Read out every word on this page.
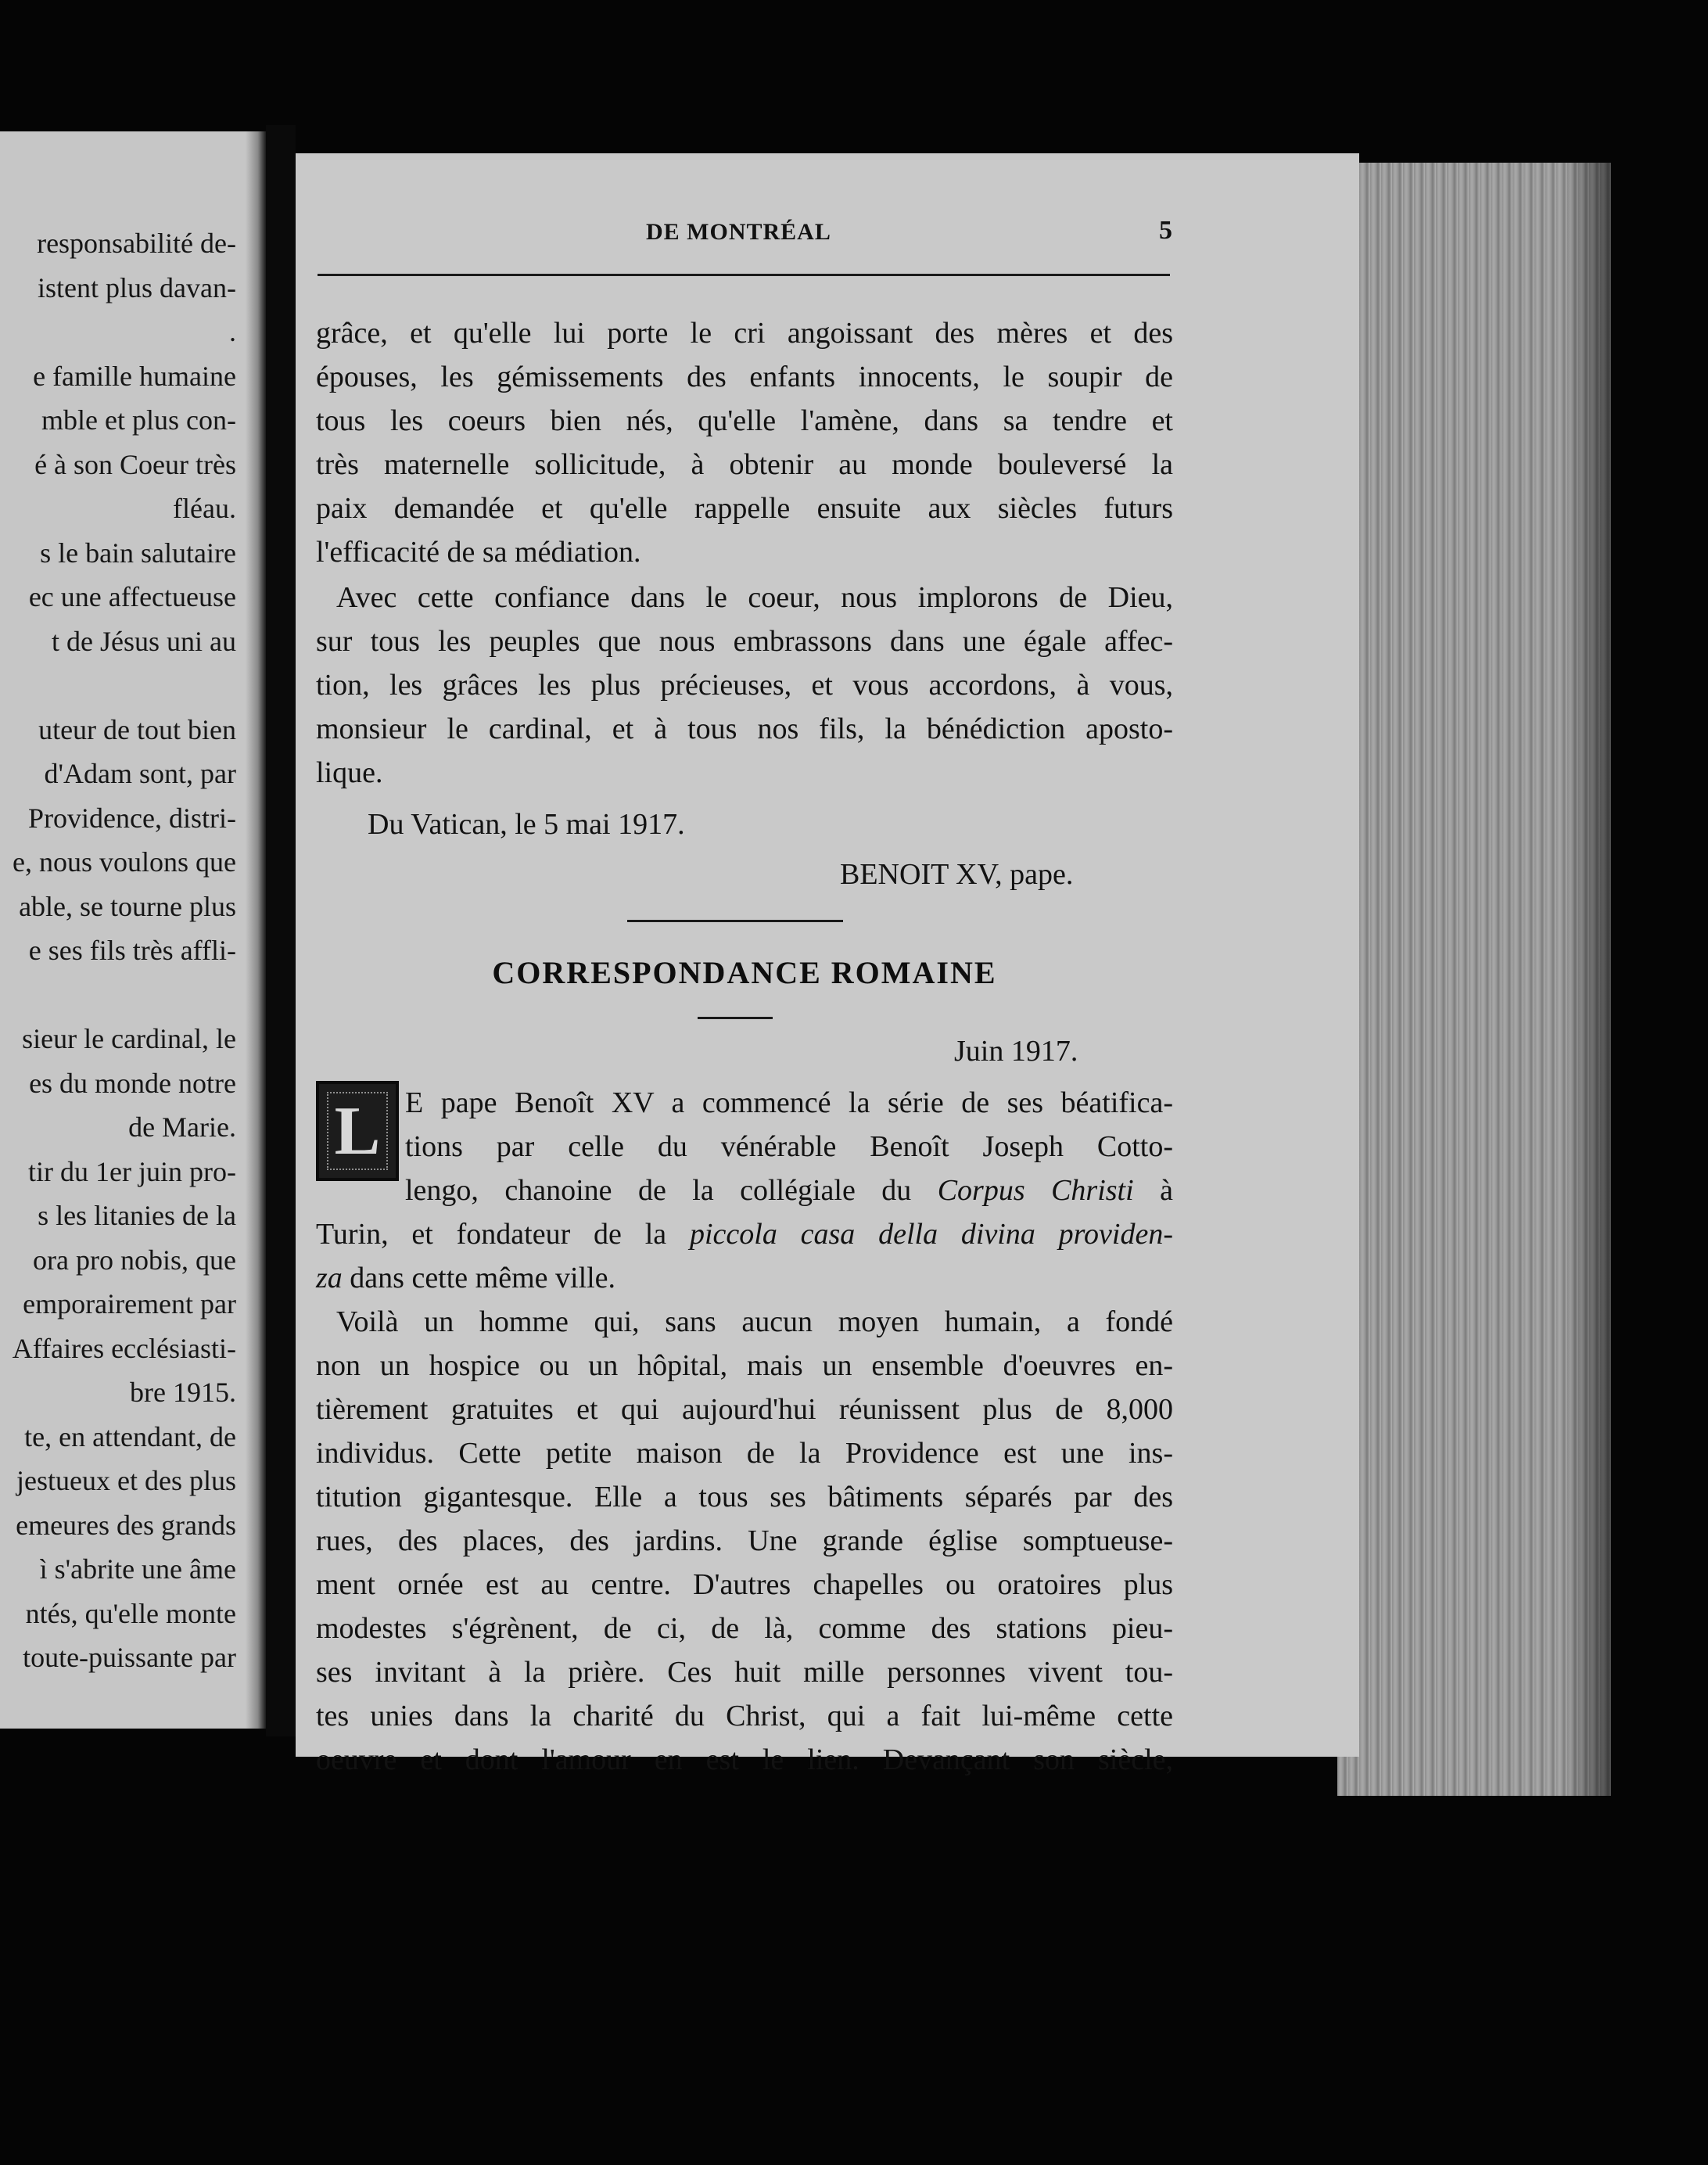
responsabilité de-
istent plus davan-
.
e famille humaine
mble et plus con-
é à son Coeur très
fléau.
s le bain salutaire
ec une affectueuse
t de Jésus uni au
uteur de tout bien
d'Adam sont, par
Providence, distri-
e, nous voulons que
able, se tourne plus
e ses fils très affli-
sieur le cardinal, le
es du monde notre
de Marie.
tir du 1er juin pro-
s les litanies de la
ora pro nobis, que
emporairement par
Affaires ecclésiasti-
bre 1915.
te, en attendant, de
jestueux et des plus
emeures des grands
ì s'abrite une âme
ntés, qu'elle monte
toute-puissante par
DE MONTRÉAL	5
grâce, et qu'elle lui porte le cri angoissant des mères et des
épouses, les gémissements des enfants innocents, le soupir de
tous les coeurs bien nés, qu'elle l'amène, dans sa tendre et
très maternelle sollicitude, à obtenir au monde bouleversé la
paix demandée et qu'elle rappelle ensuite aux siècles futurs
l'efficacité de sa médiation.
Avec cette confiance dans le coeur, nous implorons de Dieu,
sur tous les peuples que nous embrassons dans une égale affec-
tion, les grâces les plus précieuses, et vous accordons, à vous,
monsieur le cardinal, et à tous nos fils, la bénédiction aposto-
lique.
Du Vatican, le 5 mai 1917.
BENOIT XV, pape.
CORRESPONDANCE ROMAINE
Juin 1917.
L E pape Benoît XV a commencé la série de ses béatifica-
tions par celle du vénérable Benoît Joseph Cotto-
lengo, chanoine de la collégiale du Corpus Christi à
Turin, et fondateur de la piccola casa della divina providen-
za dans cette même ville.
Voilà un homme qui, sans aucun moyen humain, a fondé
non un hospice ou un hôpital, mais un ensemble d'oeuvres en-
tièrement gratuites et qui aujourd'hui réunissent plus de 8,000
individus. Cette petite maison de la Providence est une ins-
titution gigantesque. Elle a tous ses bâtiments séparés par des
rues, des places, des jardins. Une grande église somptueuse-
ment ornée est au centre. D'autres chapelles ou oratoires plus
modestes s'égrènent, de ci, de là, comme des stations pieu-
ses invitant à la prière. Ces huit mille personnes vivent tou-
tes unies dans la charité du Christ, qui a fait lui-même cette
oeuvre et dont l'amour en est le lien. Devançant son siècle,
